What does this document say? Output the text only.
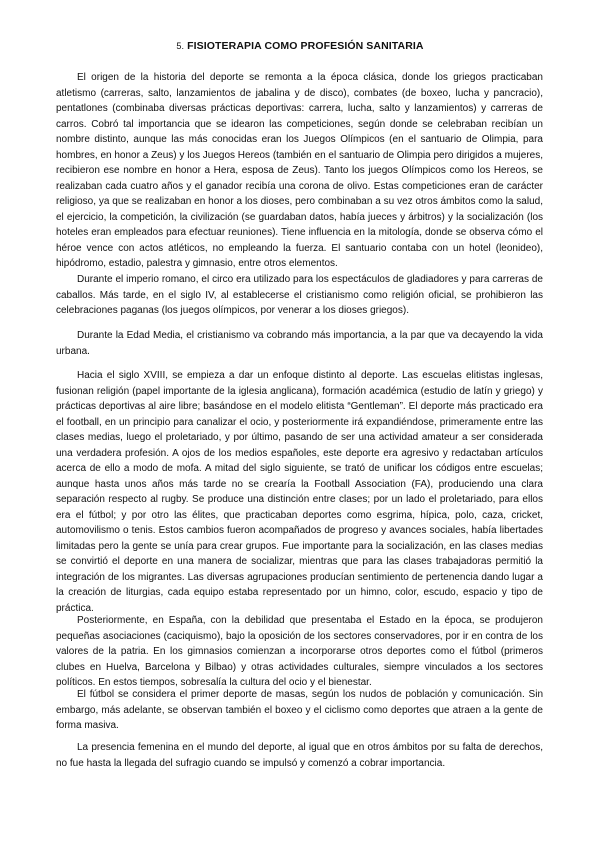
5. FISIOTERAPIA COMO PROFESIÓN SANITARIA

El origen de la historia del deporte se remonta a la época clásica, donde los griegos practicaban atletismo (carreras, salto, lanzamientos de jabalina y de disco), combates (de boxeo, lucha y pancracio), pentatlones (combinaba diversas prácticas deportivas: carrera, lucha, salto y lanzamientos) y carreras de carros. Cobró tal importancia que se idearon las competiciones, según donde se celebraban recibían un nombre distinto, aunque las más conocidas eran los Juegos Olímpicos (en el santuario de Olimpia, para hombres, en honor a Zeus) y los Juegos Hereos (también en el santuario de Olimpia pero dirigidos a mujeres, recibieron ese nombre en honor a Hera, esposa de Zeus). Tanto los juegos Olímpicos como los Hereos, se realizaban cada cuatro años y el ganador recibía una corona de olivo. Estas competiciones eran de carácter religioso, ya que se realizaban en honor a los dioses, pero combinaban a su vez otros ámbitos como la salud, el ejercicio, la competición, la civilización (se guardaban datos, había jueces y árbitros) y la socialización (los hoteles eran empleados para efectuar reuniones). Tiene influencia en la mitología, donde se observa cómo el héroe vence con actos atléticos, no empleando la fuerza. El santuario contaba con un hotel (leonideo), hipódromo, estadio, palestra y gimnasio, entre otros elementos.

Durante el imperio romano, el circo era utilizado para los espectáculos de gladiadores y para carreras de caballos. Más tarde, en el siglo IV, al establecerse el cristianismo como religión oficial, se prohibieron las celebraciones paganas (los juegos olímpicos, por venerar a los dioses griegos).

Durante la Edad Media, el cristianismo va cobrando más importancia, a la par que va decayendo la vida urbana.

Hacia el siglo XVIII, se empieza a dar un enfoque distinto al deporte. Las escuelas elitistas inglesas, fusionan religión (papel importante de la iglesia anglicana), formación académica (estudio de latín y griego) y prácticas deportivas al aire libre; basándose en el modelo elitista “Gentleman”. El deporte más practicado era el football, en un principio para canalizar el ocio, y posteriormente irá expandiéndose, primeramente entre las clases medias, luego el proletariado, y por último, pasando de ser una actividad amateur a ser considerada una verdadera profesión. A ojos de los medios españoles, este deporte era agresivo y redactaban artículos acerca de ello a modo de mofa. A mitad del siglo siguiente, se trató de unificar los códigos entre escuelas; aunque hasta unos años más tarde no se crearía la Football Association (FA), produciendo una clara separación respecto al rugby. Se produce una distinción entre clases; por un lado el proletariado, para ellos era el fútbol; y por otro las élites, que practicaban deportes como esgrima, hípica, polo, caza, cricket, automovilismo o tenis. Estos cambios fueron acompañados de progreso y avances sociales, había libertades limitadas pero la gente se unía para crear grupos. Fue importante para la socialización, en las clases medias se convirtió el deporte en una manera de socializar, mientras que para las clases trabajadoras permitió la integración de los migrantes. Las diversas agrupaciones producían sentimiento de pertenencia dando lugar a la creación de liturgias, cada equipo estaba representado por un himno, color, escudo, espacio y tipo de práctica.

Posteriormente, en España, con la debilidad que presentaba el Estado en la época, se produjeron pequeñas asociaciones (caciquismo), bajo la oposición de los sectores conservadores, por ir en contra de los valores de la patria. En los gimnasios comienzan a incorporarse otros deportes como el fútbol (primeros clubes en Huelva, Barcelona y Bilbao) y otras actividades culturales, siempre vinculados a los sectores políticos. En estos tiempos, sobresalía la cultura del ocio y el bienestar.

El fútbol se considera el primer deporte de masas, según los nudos de población y comunicación. Sin embargo, más adelante, se observan también el boxeo y el ciclismo como deportes que atraen a la gente de forma masiva.

La presencia femenina en el mundo del deporte, al igual que en otros ámbitos por su falta de derechos, no fue hasta la llegada del sufragio cuando se impulsó y comenzó a cobrar importancia.
